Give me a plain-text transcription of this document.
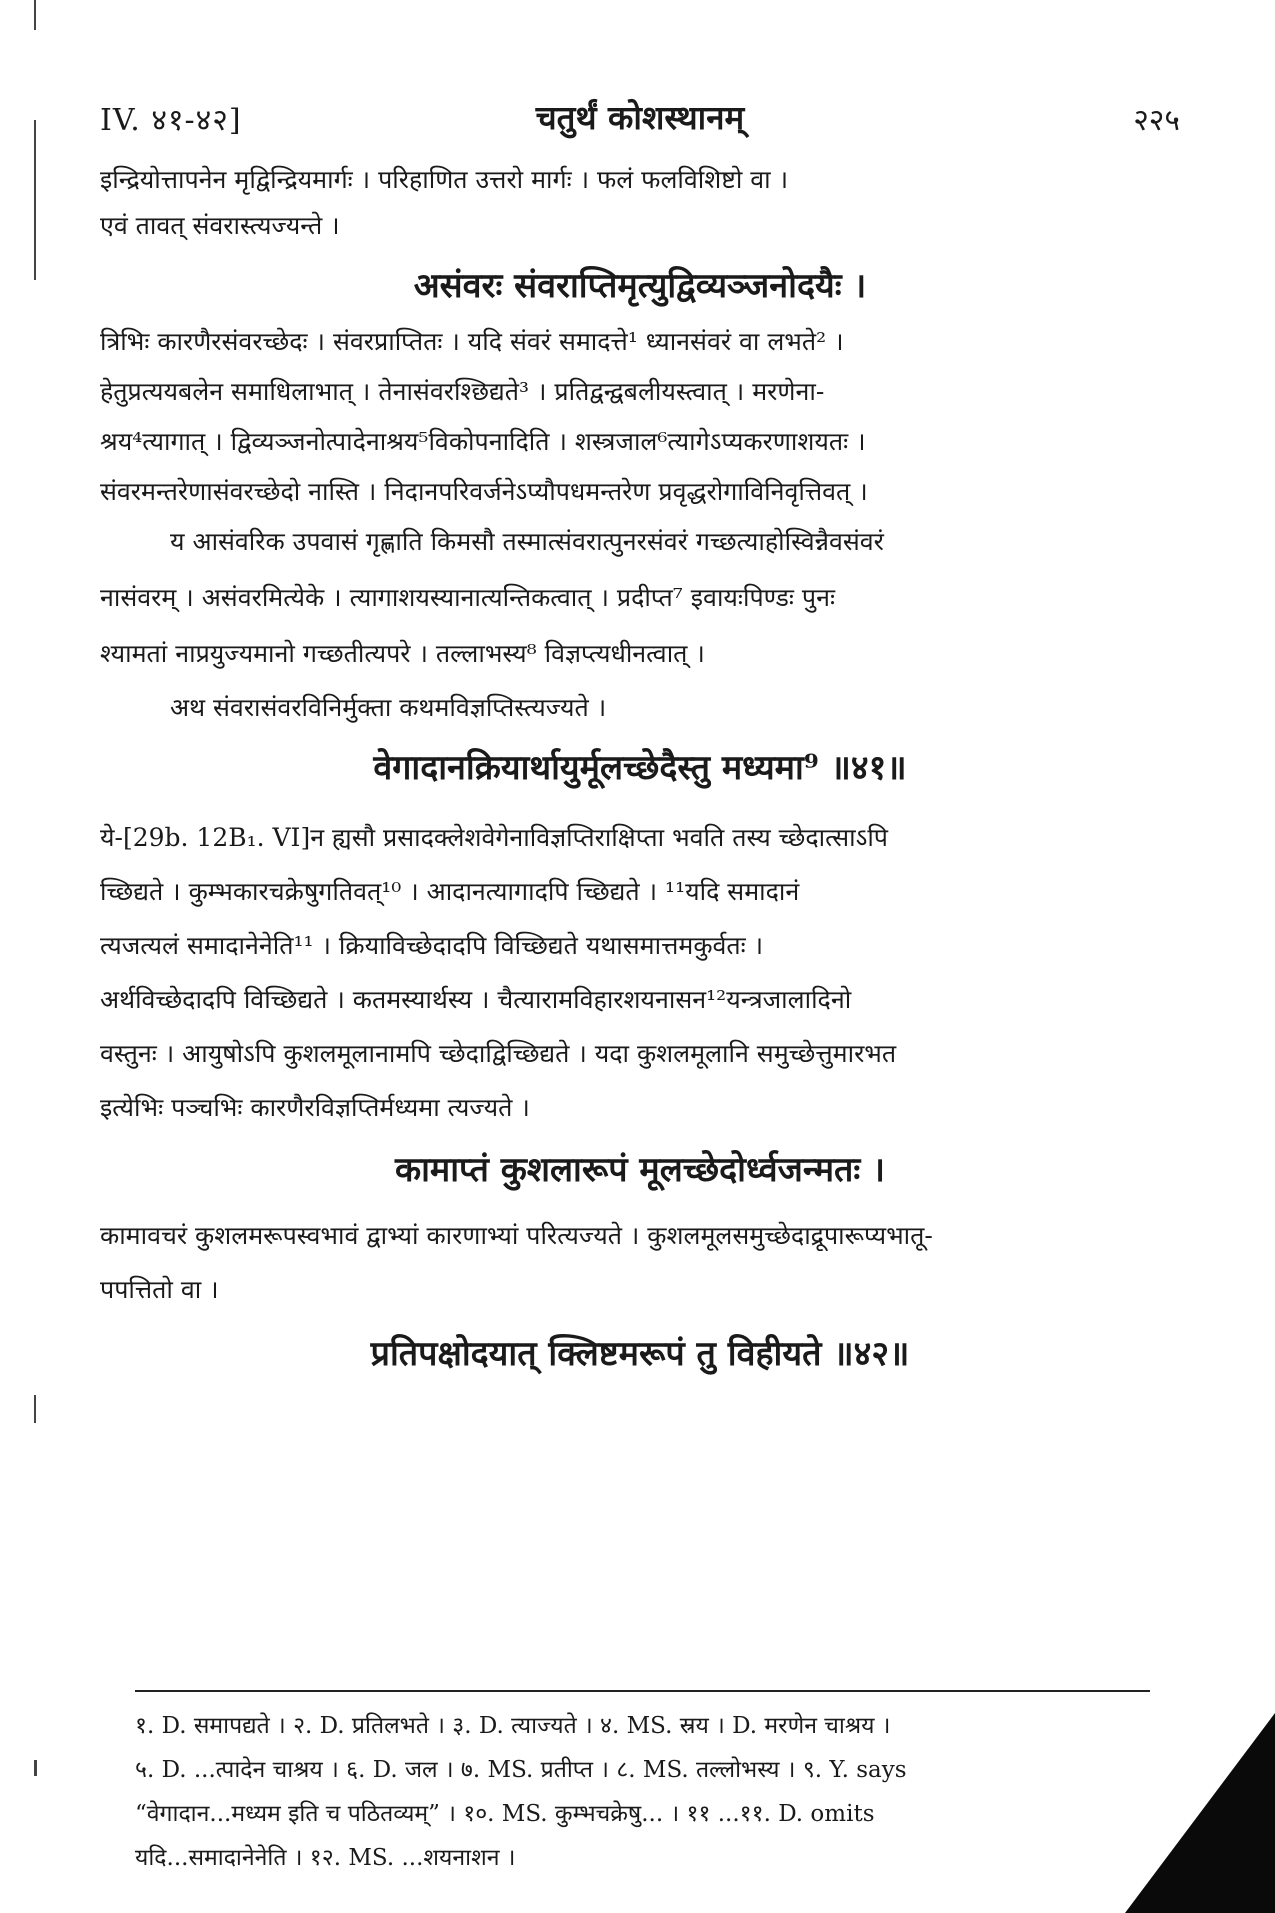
IV. ४१-४२]	चतुर्थं कोशस्थानम्	२२५

इन्द्रियोत्तापनेन मृद्विन्द्रियमार्गः । परिहाणित उत्तरो मार्गः । फलं फलविशिष्टो वा ।

एवं तावत् संवरास्त्यज्यन्ते ।

असंवरः संवराप्तिमृत्युद्विव्यञ्जनोदयैः ।

त्रिभिः कारणैरसंवरच्छेदः । संवरप्राप्तितः । यदि संवरं समादत्ते¹ ध्यानसंवरं वा लभते² ।

हेतुप्रत्ययबलेन समाधिलाभात् । तेनासंवरश्छिद्यते³ । प्रतिद्वन्द्वबलीयस्त्वात् । मरणेना-

श्रय⁴त्यागात् । द्विव्यञ्जनोत्पादेनाश्रय⁵विकोपनादिति । शस्त्रजाल⁶त्यागेऽप्यकरणाशयतः ।

संवरमन्तरेणासंवरच्छेदो नास्ति । निदानपरिवर्जनेऽप्यौपधमन्तरेण प्रवृद्धरोगाविनिवृत्तिवत् ।

य आसंवरिक उपवासं गृह्णाति किमसौ तस्मात्संवरात्पुनरसंवरं गच्छत्याहोस्विन्नैवसंवरं

नासंवरम् । असंवरमित्येके । त्यागाशयस्यानात्यन्तिकत्वात् । प्रदीप्त⁷ इवायःपिण्डः पुनः

श्यामतां नाप्रयुज्यमानो गच्छतीत्यपरे । तल्लाभस्य⁸ विज्ञप्त्यधीनत्वात् ।

अथ संवरासंवरविनिर्मुक्ता कथमविज्ञप्तिस्त्यज्यते ।

वेगादानक्रियार्थायुर्मूलच्छेदैस्तु मध्यमा⁹ ॥४१॥

ये-[29b. 12B₁. VI]न ह्यसौ प्रसादक्लेशवेगेनाविज्ञप्तिराक्षिप्ता भवति तस्य च्छेदात्साऽपि

च्छिद्यते । कुम्भकारचक्रेषुगतिवत्¹⁰ । आदानत्यागादपि च्छिद्यते । ¹¹यदि समादानं

त्यजत्यलं समादानेनेति¹¹ । क्रियाविच्छेदादपि विच्छिद्यते यथासमात्तमकुर्वतः ।

अर्थविच्छेदादपि विच्छिद्यते । कतमस्यार्थस्य । चैत्यारामविहारशयनासन¹²यन्त्रजालादिनो

वस्तुनः । आयुषोऽपि कुशलमूलानामपि च्छेदाद्विच्छिद्यते । यदा कुशलमूलानि समुच्छेत्तुमारभत

इत्येभिः पञ्चभिः कारणैरविज्ञप्तिर्मध्यमा त्यज्यते ।

कामाप्तं कुशलारूपं मूलच्छेदोर्ध्वजन्मतः ।

कामावचरं कुशलमरूपस्वभावं द्वाभ्यां कारणाभ्यां परित्यज्यते । कुशलमूलसमुच्छेदाद्रूपारूप्यभातू-

पपत्तितो वा ।

प्रतिपक्षोदयात् क्लिष्टमरूपं तु विहीयते ॥४२॥

१. D. समापद्यते । २. D. प्रतिलभते । ३. D. त्याज्यते । ४. MS. स्रय । D. मरणेन चाश्रय ।

५. D. ...त्पादेन चाश्रय । ६. D. जल । ७. MS. प्रतीप्त । ८. MS. तल्लोभस्य । ९. Y. says

“वेगादान...मध्यम इति च पठितव्यम्” । १०. MS. कुम्भचक्रेषु... । ११ ...११. D. omits

यदि...समादानेनेति । १२. MS. ...शयनाशन ।
